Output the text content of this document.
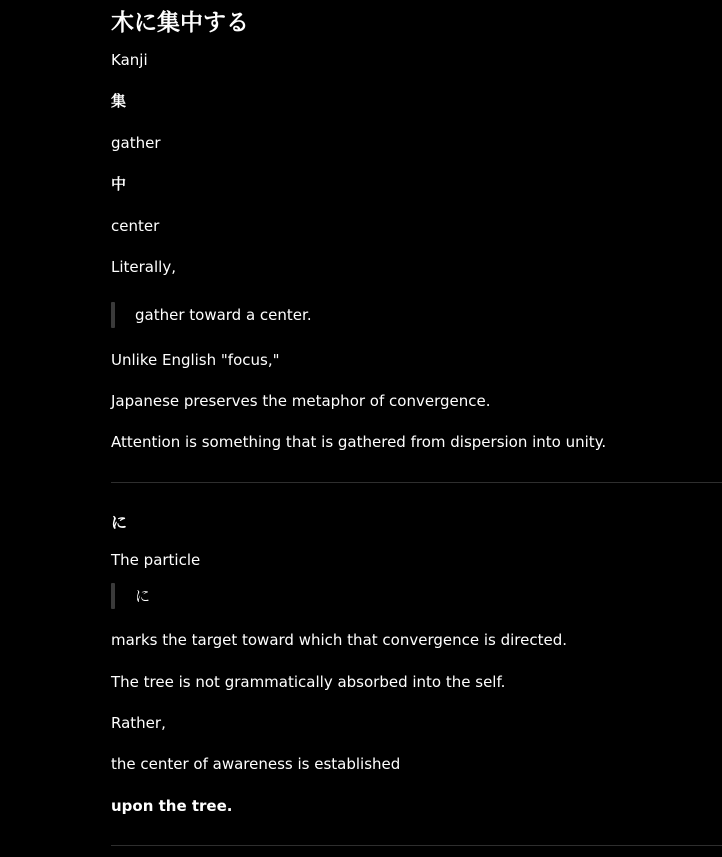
木に集中する
Kanji
集
gather
中
center
Literally,
gather toward a center.
Unlike English "focus,"
Japanese preserves the metaphor of convergence.
Attention is something that is gathered from dispersion into unity.
に
The particle
に
marks the target toward which that convergence is directed.
The tree is not grammatically absorbed into the self.
Rather,
the center of awareness is established
upon the tree.
